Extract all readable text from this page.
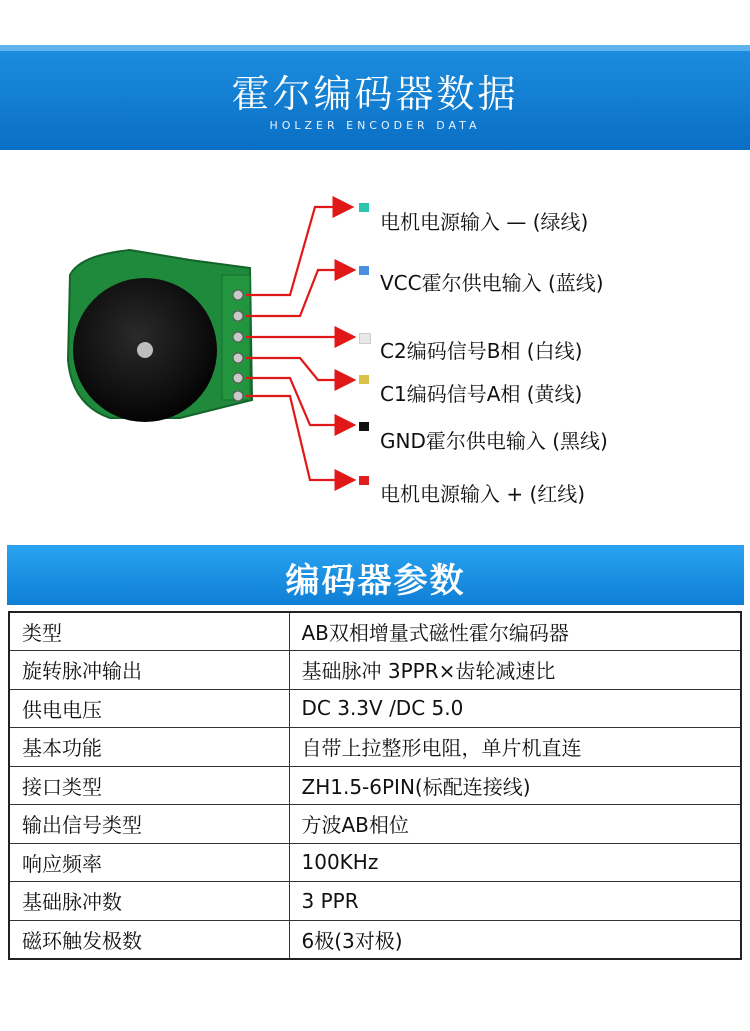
霍尔编码器数据
HOLZER ENCODER DATA
电机电源输入 — (绿线)
VCC霍尔供电输入 (蓝线)
C2编码信号B相 (白线)
C1编码信号A相 (黄线)
GND霍尔供电输入 (黑线)
电机电源输入 + (红线)
编码器参数
类型	AB双相增量式磁性霍尔编码器
旋转脉冲输出	基础脉冲 3PPR×齿轮减速比
供电电压	DC 3.3V /DC 5.0
基本功能	自带上拉整形电阻，单片机直连
接口类型	ZH1.5-6PIN(标配连接线)
输出信号类型	方波AB相位
响应频率	100KHz
基础脉冲数	3 PPR
磁环触发极数	6极(3对极)
